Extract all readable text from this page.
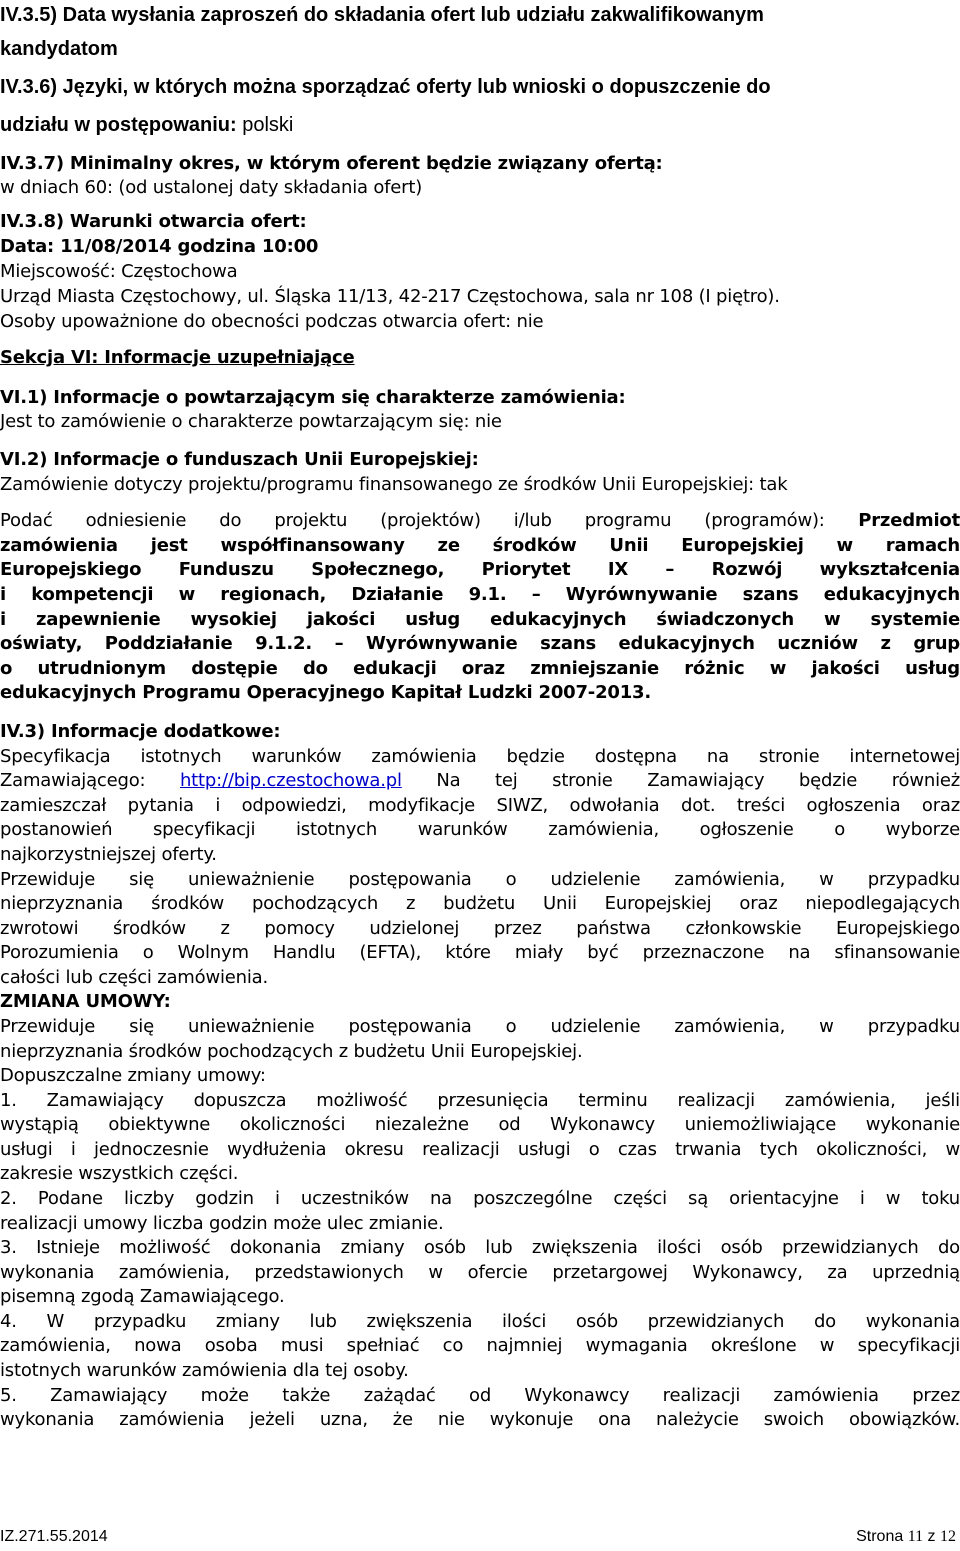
IV.3.5) Data wysłania zaproszeń do składania ofert lub udziału zakwalifikowanym
kandydatom
IV.3.6) Języki, w których można sporządzać oferty lub wnioski o dopuszczenie do
udziału w postępowaniu: polski
IV.3.7) Minimalny okres, w którym oferent będzie związany ofertą:
w dniach 60: (od ustalonej daty składania ofert)
IV.3.8) Warunki otwarcia ofert:
Data: 11/08/2014 godzina 10:00
Miejscowość: Częstochowa
Urząd Miasta Częstochowy, ul. Śląska 11/13, 42-217 Częstochowa, sala nr 108 (I piętro).
Osoby upoważnione do obecności podczas otwarcia ofert: nie
Sekcja VI: Informacje uzupełniające
VI.1) Informacje o powtarzającym się charakterze zamówienia:
Jest to zamówienie o charakterze powtarzającym się: nie
VI.2) Informacje o funduszach Unii Europejskiej:
Zamówienie dotyczy projektu/programu finansowanego ze środków Unii Europejskiej: tak
Podać odniesienie do projektu (projektów) i/lub programu (programów): Przedmiot
zamówienia jest współfinansowany ze środków Unii Europejskiej w ramach
Europejskiego Funduszu Społecznego, Priorytet IX – Rozwój wykształcenia
i kompetencji w regionach, Działanie 9.1. – Wyrównywanie szans edukacyjnych
i zapewnienie wysokiej jakości usług edukacyjnych świadczonych w systemie
oświaty, Poddziałanie 9.1.2. – Wyrównywanie szans edukacyjnych uczniów z grup
o utrudnionym dostępie do edukacji oraz zmniejszanie różnic w jakości usług
edukacyjnych Programu Operacyjnego Kapitał Ludzki 2007-2013.
IV.3) Informacje dodatkowe:
Specyfikacja istotnych warunków zamówienia będzie dostępna na stronie internetowej
Zamawiającego: http://bip.czestochowa.pl Na tej stronie Zamawiający będzie również
zamieszczał pytania i odpowiedzi, modyfikacje SIWZ, odwołania dot. treści ogłoszenia oraz
postanowień specyfikacji istotnych warunków zamówienia, ogłoszenie o wyborze
najkorzystniejszej oferty.
Przewiduje się unieważnienie postępowania o udzielenie zamówienia, w przypadku
nieprzyznania środków pochodzących z budżetu Unii Europejskiej oraz niepodlegających
zwrotowi środków z pomocy udzielonej przez państwa członkowskie Europejskiego
Porozumienia o Wolnym Handlu (EFTA), które miały być przeznaczone na sfinansowanie
całości lub części zamówienia.
ZMIANA UMOWY:
Przewiduje się unieważnienie postępowania o udzielenie zamówienia, w przypadku
nieprzyznania środków pochodzących z budżetu Unii Europejskiej.
Dopuszczalne zmiany umowy:
1. Zamawiający dopuszcza możliwość przesunięcia terminu realizacji zamówienia, jeśli
wystąpią obiektywne okoliczności niezależne od Wykonawcy uniemożliwiające wykonanie
usługi i jednoczesnie wydłużenia okresu realizacji usługi o czas trwania tych okoliczności, w
zakresie wszystkich części.
2. Podane liczby godzin i uczestników na poszczególne części są orientacyjne i w toku
realizacji umowy liczba godzin może ulec zmianie.
3. Istnieje możliwość dokonania zmiany osób lub zwiększenia ilości osób przewidzianych do
wykonania zamówienia, przedstawionych w ofercie przetargowej Wykonawcy, za uprzednią
pisemną zgodą Zamawiającego.
4. W przypadku zmiany lub zwiększenia ilości osób przewidzianych do wykonania
zamówienia, nowa osoba musi spełniać co najmniej wymagania określone w specyfikacji
istotnych warunków zamówienia dla tej osoby.
5. Zamawiający może także zażądać od Wykonawcy realizacji zamówienia przez
wykonania zamówienia jeżeli uzna, że nie wykonuje ona należycie swoich obowiązków.
IZ.271.55.2014	Strona 11 z 12
